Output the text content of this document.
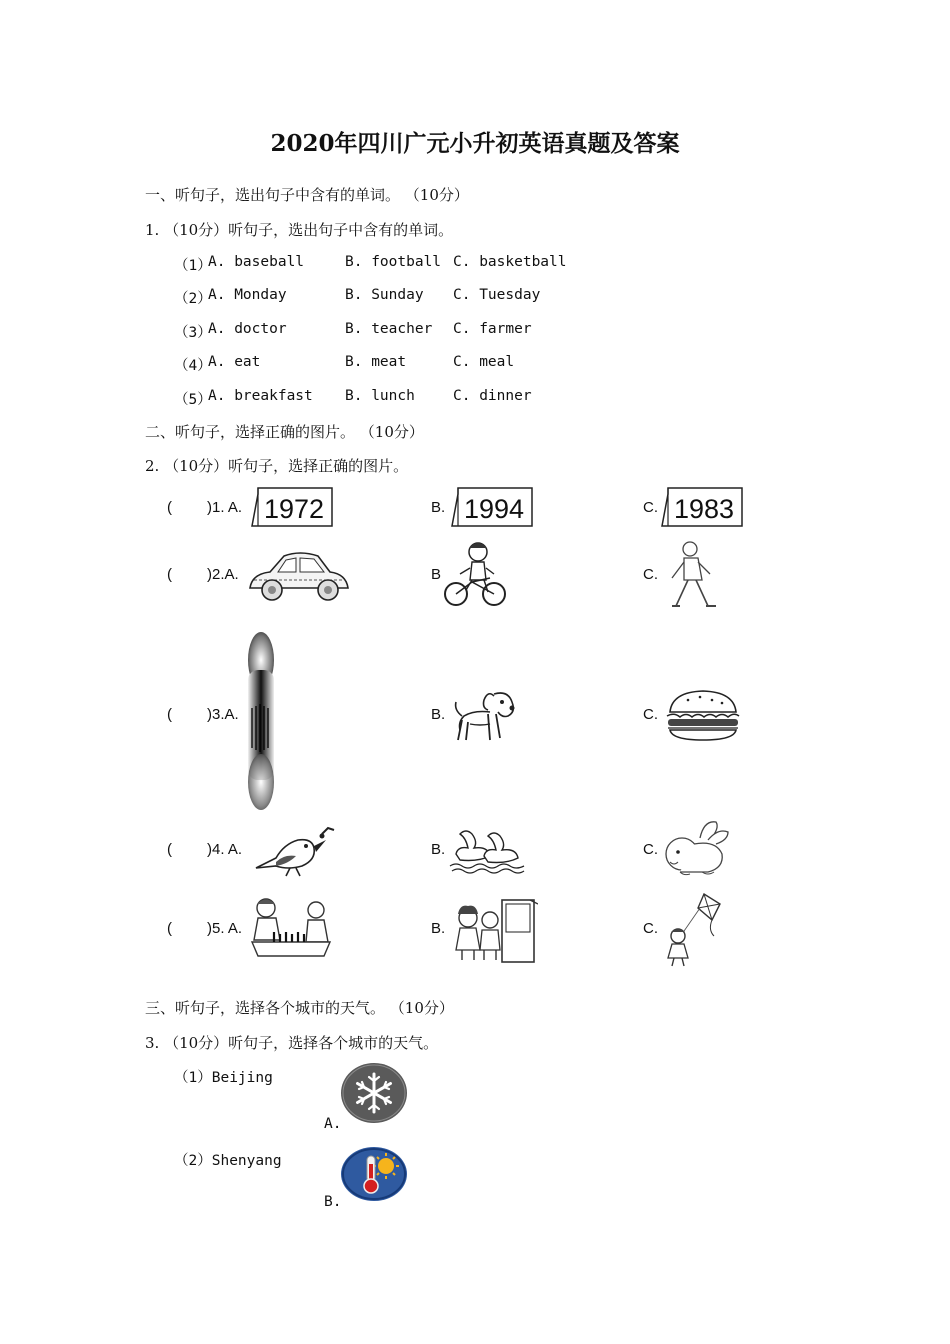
2020年四川广元小升初英语真题及答案
一、听句子，选出句子中含有的单词。 （10分）
1. （10分）听句子，选出句子中含有的单词。
（1）
A. baseball	B. football C. basketball
（2）
A. Monday	B. Sunday C. Tuesday
（3）
A. doctor	B. teacher C. farmer
（4）
A. eat	B. meat	C. meal
（5）
A. breakfast B. lunch	C. dinner
二、听句子，选择正确的图片。 （10分）
2. （10分）听句子，选择正确的图片。
( )1. A.	B.	C.
1972	1994	1983
( )2.A.	B	C.
( )3.A.	B.	C.
( )4. A.	B.	C.
( )5. A.	B.	C.
三、听句子，选择各个城市的天气。 （10分）
3. （10分）听句子，选择各个城市的天气。
（1）Beijing
A.
（2）Shenyang
B.
